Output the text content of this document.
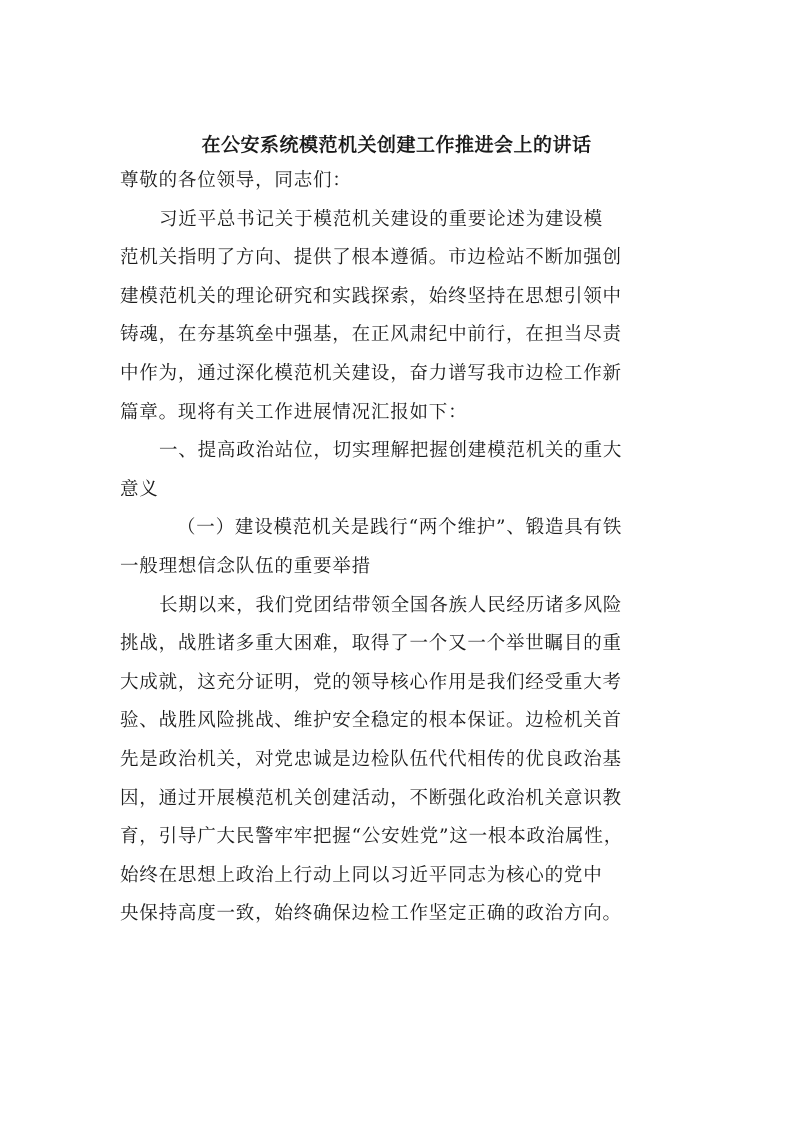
在公安系统模范机关创建工作推进会上的讲话
尊敬的各位领导，同志们：
习近平总书记关于模范机关建设的重要论述为建设模
范机关指明了方向、提供了根本遵循。市边检站不断加强创
建模范机关的理论研究和实践探索，始终坚持在思想引领中
铸魂，在夯基筑垒中强基，在正风肃纪中前行，在担当尽责
中作为，通过深化模范机关建设，奋力谱写我市边检工作新
篇章。现将有关工作进展情况汇报如下：
一、提高政治站位，切实理解把握创建模范机关的重大
意义
（一）建设模范机关是践行“两个维护”、锻造具有铁
一般理想信念队伍的重要举措
长期以来，我们党团结带领全国各族人民经历诸多风险
挑战，战胜诸多重大困难，取得了一个又一个举世瞩目的重
大成就，这充分证明，党的领导核心作用是我们经受重大考
验、战胜风险挑战、维护安全稳定的根本保证。边检机关首
先是政治机关，对党忠诚是边检队伍代代相传的优良政治基
因，通过开展模范机关创建活动，不断强化政治机关意识教
育，引导广大民警牢牢把握“公安姓党”这一根本政治属性，
始终在思想上政治上行动上同以习近平同志为核心的党中
央保持高度一致，始终确保边检工作坚定正确的政治方向。
